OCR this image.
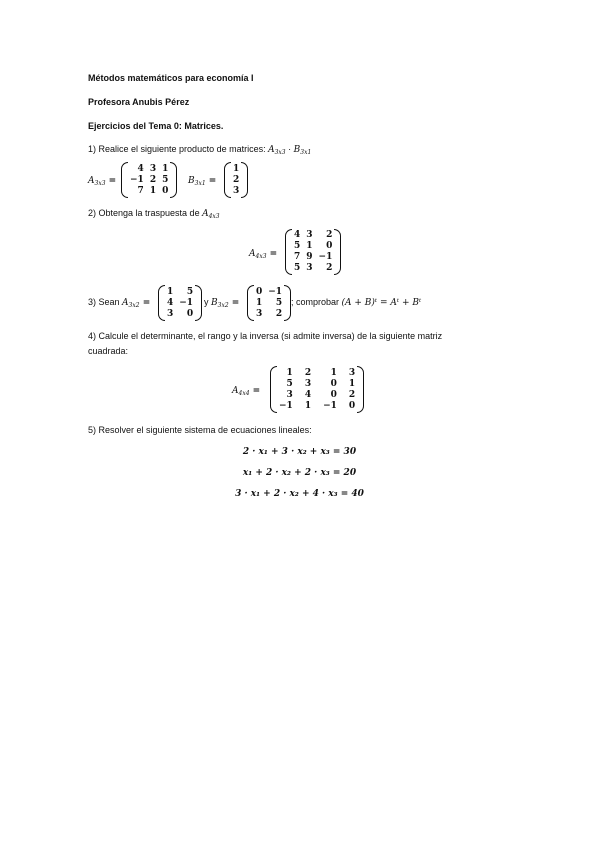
Métodos matemáticos para economía I
Profesora Anubis Pérez
Ejercicios del Tema 0: Matrices.
1) Realice el siguiente producto de matrices: $A_{3x3} \cdot B_{3x1}$
$A_{3x3}$ =
4 3 1
−1 2 5
7 1 0
$B_{3x1}$ =
1
2
3
2) Obtenga la traspuesta de $A_{4x3}$
$A_{4x3}$ =
4 3	2
5 1	0
7 9 −1
5 3	2
3) Sean $A_{3x2}$ =
1	5
4 −1
3	0
y $B_{3x2}$ =
0 −1
1	5
3	2
; comprobar (A + B)ᵗ = Aᵗ + Bᵗ
4) Calcule el determinante, el rango y la inversa (si admite inversa) de la siguiente matriz
cuadrada:
$A_{4x4}$ =
1 2	1 3
5 3	0 1
3 4	0 2
−1 1 −1 0
5) Resolver el siguiente sistema de ecuaciones lineales:
2 · x₁ + 3 · x₂ + x₃ = 30
x₁ + 2 · x₂ + 2 · x₃ = 20
3 · x₁ + 2 · x₂ + 4 · x₃ = 40
